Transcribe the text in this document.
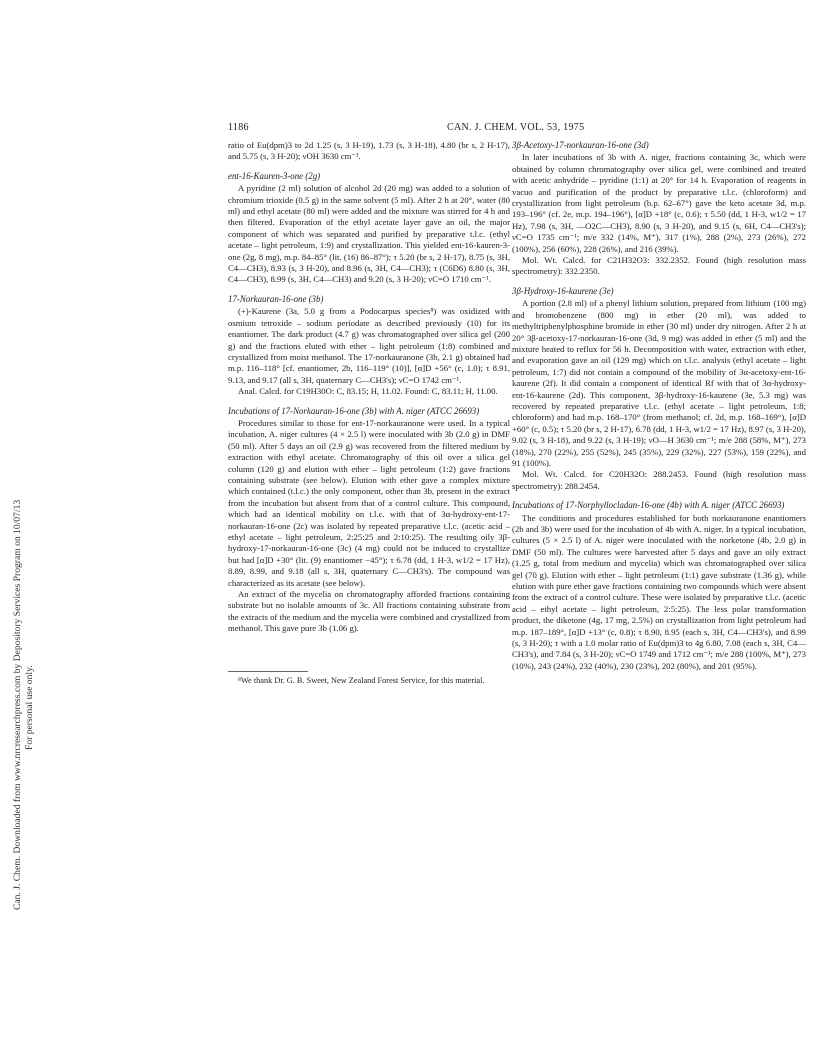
Can. J. Chem. Downloaded from www.nrcresearchpress.com by Depository Services Program on 10/07/13 For personal use only.
1186	CAN. J. CHEM. VOL. 53, 1975

ratio of Eu(dpm)3 to 2d 1.25 (s, 3 H-19), 1.73 (s, 3 H-18), 4.80 (br s, 2 H-17), and 5.75 (s, 3 H-20); νOH 3630 cm⁻¹.

ent-16-Kauren-3-one (2g)

A pyridine (2 ml) solution of alcohol 2d (20 mg) was added to a solution of chromium trioxide (0.5 g) in the same solvent (5 ml). After 2 h at 20°, water (80 ml) and ethyl acetate (80 ml) were added and the mixture was stirred for 4 h and then filtered. Evaporation of the ethyl acetate layer gave an oil, the major component of which was separated and purified by preparative t.l.c. (ethyl acetate – light petroleum, 1:9) and crystallization. This yielded ent-16-kauren-3-one (2g, 8 mg), m.p. 84–85° (lit. (16) 86–87°); τ 5.20 (br s, 2 H-17), 8.75 (s, 3H, C4—CH3), 8.93 (s, 3 H-20), and 8.96 (s, 3H, C4—CH3); τ (C6D6) 8.80 (s, 3H, C4—CH3), 8.99 (s, 3H, C4—CH3) and 9.20 (s, 3 H-20); νC=O 1710 cm⁻¹.

17-Norkauran-16-one (3b)

(+)-Kaurene (3a, 5.0 g from a Podocarpus species⁸) was oxidized with osmium tetroxide – sodium periodate as described previously (10) for its enantiomer. The dark product (4.7 g) was chromatographed over silica gel (200 g) and the fractions eluted with ether – light petroleum (1:8) combined and crystallized from moist methanol. The 17-norkauranone (3b, 2.1 g) obtained had m.p. 116–118° [cf. enantiomer, 2b, 116–119° (10)], [α]D +56° (c, 1.0); τ 8.91, 9.13, and 9.17 (all s, 3H, quaternary C—CH3's); νC=O 1742 cm⁻¹.

Anal. Calcd. for C19H30O: C, 83.15; H, 11.02. Found: C, 83.11; H, 11.00.

Incubations of 17-Norkauran-16-one (3b) with A. niger (ATCC 26693)

Procedures similar to those for ent-17-norkauranone were used. In a typical incubation, A. niger cultures (4 × 2.5 l) were inoculated with 3b (2.0 g) in DMF (50 ml). After 5 days an oil (2.9 g) was recovered from the filtered medium by extraction with ethyl acetate. Chromatography of this oil over a silica gel column (120 g) and elution with ether – light petroleum (1:2) gave fractions containing substrate (see below). Elution with ether gave a complex mixture which contained (t.l.c.) the only component, other than 3b, present in the extract from the incubation but absent from that of a control culture. This compound, which had an identical mobility on t.l.c. with that of 3α-hydroxy-ent-17-norkauran-16-one (2c) was isolated by repeated preparative t.l.c. (acetic acid – ethyl acetate – light petroleum, 2:25:25 and 2:10:25). The resulting oily 3β-hydroxy-17-norkauran-16-one (3c) (4 mg) could not be induced to crystallize but had [α]D +30° (lit. (9) enantiomer −45°); τ 6.78 (dd, 1 H-3, w1/2 = 17 Hz), 8.89, 8.99, and 9.18 (all s, 3H, quaternary C—CH3's). The compound was characterized as its acetate (see below).

An extract of the mycelia on chromatography afforded fractions containing substrate but no isolable amounts of 3c. All fractions containing substrate from the extracts of the medium and the mycelia were combined and crystallized from methanol. This gave pure 3b (1.06 g).

⁸We thank Dr. G. B. Sweet, New Zealand Forest Service, for this material.

3β-Acetoxy-17-norkauran-16-one (3d)

In later incubations of 3b with A. niger, fractions containing 3c, which were obtained by column chromatography over silica gel, were combined and treated with acetic anhydride – pyridine (1:1) at 20° for 14 h. Evaporation of reagents in vacuo and purification of the product by preparative t.l.c. (chloroform) and crystallization from light petroleum (b.p. 62–67°) gave the keto acetate 3d, m.p. 193–196° (cf. 2e, m.p. 194–196°), [α]D +18° (c, 0.6); τ 5.50 (dd, 1 H-3, w1/2 = 17 Hz), 7.98 (s, 3H, —O2C—CH3), 8.90 (s, 3 H-20), and 9.15 (s, 6H, C4—CH3's); νC=O 1735 cm⁻¹; m/e 332 (14%, M⁺), 317 (1%), 288 (2%), 273 (26%), 272 (100%), 256 (60%), 228 (26%), and 216 (39%).

Mol. Wt. Calcd. for C21H32O3: 332.2352. Found (high resolution mass spectrometry): 332.2350.

3β-Hydroxy-16-kaurene (3e)

A portion (2.8 ml) of a phenyl lithium solution, prepared from lithium (100 mg) and bromobenzene (800 mg) in ether (20 ml), was added to methyltriphenylphosphine bromide in ether (30 ml) under dry nitrogen. After 2 h at 20° 3β-acetoxy-17-norkauran-16-one (3d, 9 mg) was added in ether (5 ml) and the mixture heated to reflux for 56 h. Decomposition with water, extraction with ether, and evaporation gave an oil (129 mg) which on t.l.c. analysis (ethyl acetate – light petroleum, 1:7) did not contain a compound of the mobility of 3α-acetoxy-ent-16-kaurene (2f). It did contain a component of identical Rf with that of 3α-hydroxy-ent-16-kaurene (2d). This component, 3β-hydroxy-16-kaurene (3e, 5.3 mg) was recovered by repeated preparative t.l.c. (ethyl acetate – light petroleum, 1:8; chloroform) and had m.p. 168–170° (from methanol; cf. 2d, m.p. 168–169°), [α]D +60° (c, 0.5); τ 5.20 (br s, 2 H-17), 6.78 (dd, 1 H-3, w1/2 = 17 Hz), 8.97 (s, 3 H-20), 9.02 (s, 3 H-18), and 9.22 (s, 3 H-19); νO—H 3630 cm⁻¹; m/e 288 (58%, M⁺), 273 (18%), 270 (22%), 255 (52%), 245 (35%), 229 (32%), 227 (53%), 159 (22%), and 91 (100%).

Mol. Wt. Calcd. for C20H32O: 288.2453. Found (high resolution mass spectrometry): 288.2454.

Incubations of 17-Norphyllocladan-16-one (4b) with A. niger (ATCC 26693)

The conditions and procedures established for both norkauranone enantiomers (2b and 3b) were used for the incubation of 4b with A. niger. In a typical incubation, cultures (5 × 2.5 l) of A. niger were inoculated with the norketone (4b, 2.0 g) in DMF (50 ml). The cultures were harvested after 5 days and gave an oily extract (1.25 g, total from medium and mycelia) which was chromatographed over silica gel (70 g). Elution with ether – light petroleum (1:1) gave substrate (1.36 g), while elution with pure ether gave fractions containing two compounds which were absent from the extract of a control culture. These were isolated by preparative t.l.c. (acetic acid – ethyl acetate – light petroleum, 2:5:25). The less polar transformation product, the diketone (4g, 17 mg, 2.5%) on crystallization from light petroleum had m.p. 187–189°, [α]D +13° (c, 0.8); τ 8.90, 8.95 (each s, 3H, C4—CH3's), and 8.99 (s, 3 H-20); τ with a 1.0 molar ratio of Eu(dpm)3 to 4g 6.80, 7.08 (each s, 3H, C4—CH3's), and 7.84 (s, 3 H-20); νC=O 1749 and 1712 cm⁻¹; m/e 288 (100%, M⁺), 273 (10%), 243 (24%), 232 (40%), 230 (23%), 202 (80%), and 201 (95%).
